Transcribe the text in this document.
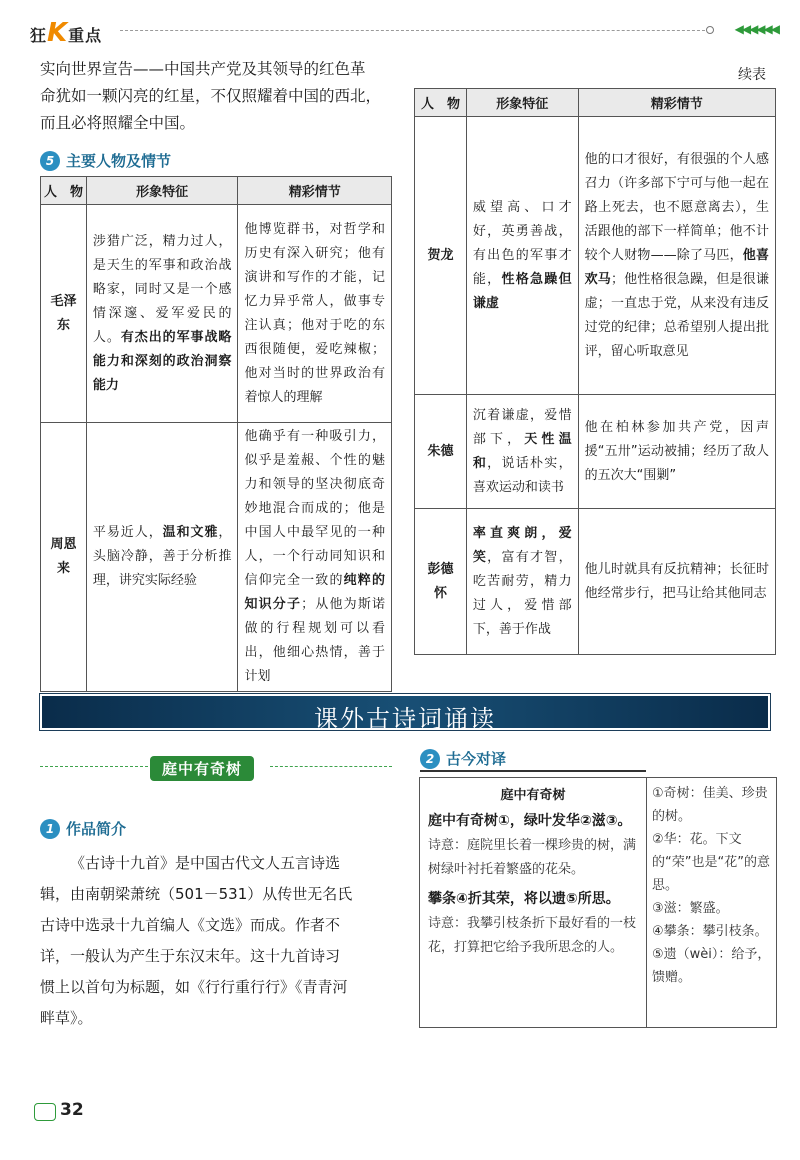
狂K重点	◀◀◀◀◀◀
实向世界宣告——中国共产党及其领导的红色革
命犹如一颗闪亮的红星，不仅照耀着中国的西北，
而且必将照耀全中国。
5 主要人物及情节
人　物	形象特征	精彩情节
毛泽东	涉猎广泛，精力过人，是天生的军事和政治战略家，同时又是一个感情深邃、爱军爱民的人。有杰出的军事战略能力和深刻的政治洞察能力	他博览群书，对哲学和历史有深入研究；他有演讲和写作的才能，记忆力异乎常人，做事专注认真；他对于吃的东西很随便，爱吃辣椒；他对当时的世界政治有着惊人的理解
周恩来	平易近人，温和文雅，头脑冷静，善于分析推理，讲究实际经验	他确乎有一种吸引力，似乎是羞赧、个性的魅力和领导的坚决彻底奇妙地混合而成的；他是中国人中最罕见的一种人，一个行动同知识和信仰完全一致的纯粹的知识分子；从他为斯诺做的行程规划可以看出，他细心热情，善于计划
续表
人　物	形象特征	精彩情节
贺龙	威望高、口才好，英勇善战，有出色的军事才能，性格急躁但谦虚	他的口才很好，有很强的个人感召力（许多部下宁可与他一起在路上死去，也不愿意离去），生活跟他的部下一样简单；他不计较个人财物——除了马匹，他喜欢马；他性格很急躁，但是很谦虚；一直忠于党，从来没有违反过党的纪律；总希望别人提出批评，留心听取意见
朱德	沉着谦虚，爱惜部下，天性温和，说话朴实，喜欢运动和读书	他在柏林参加共产党，因声援“五卅”运动被捕；经历了敌人的五次大“围剿”
彭德怀	率直爽朗，爱笑，富有才智，吃苦耐劳，精力过人，爱惜部下，善于作战	他儿时就具有反抗精神；长征时他经常步行，把马让给其他同志
课外古诗词诵读
庭中有奇树
1 作品简介
《古诗十九首》是中国古代文人五言诗选
辑，由南朝梁萧统（501－531）从传世无名氏
古诗中选录十九首编人《文选》而成。作者不
详，一般认为产生于东汉末年。这十九首诗习
惯上以首句为标题，如《行行重行行》《青青河
畔草》。
2 古今对译
庭中有奇树
庭中有奇树①，绿叶发华②滋③。
诗意：庭院里长着一棵珍贵的树，满树绿叶衬托着繁盛的花朵。
攀条④折其荣，将以遗⑤所思。
诗意：我攀引枝条折下最好看的一枝花，打算把它给予我所思念的人。
①奇树：佳美、珍贵的树。
②华：花。下文的“荣”也是“花”的意思。
③滋：繁盛。
④攀条：攀引枝条。
⑤遗（wèi）：给予，馈赠。
32
